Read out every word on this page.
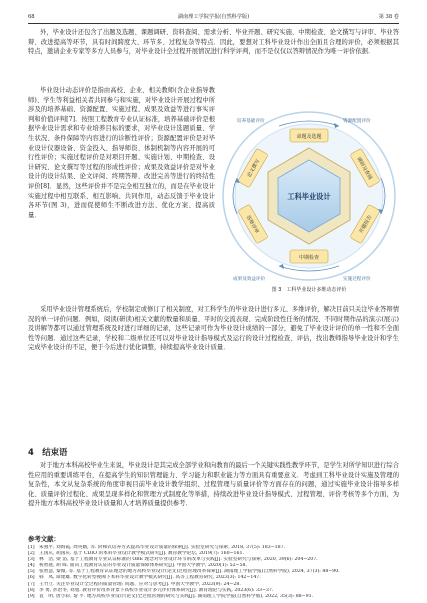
68	湖南理工学院学报(自然科学版)	第 38 卷

外，毕业设计还包含了出题及选题、课题调研、资料查阅、需求分析、毕业开题、研究实施、中期检查、论文撰写与评审、毕业答辩、改进提高等环节，具有时间跨度大、环节多、过程复杂等特点．因此，要想对工科毕业设计作出全面且合理的评价，必须根据其特点，邀请企业专家等多方人员参与，对毕业设计全过程开展情况进行科学评判，而不是仅仅以答辩情况作为唯一评价依据．

毕业设计动态评价是指由高校、企业、相关教师(含企业指导教师)、学生等利益相关者共同参与和实施，对毕业设计开展过程中所涉及的培养基础、资源配置、实施过程、成果及效益等进行事实评判和价值评判[7]．按照工程教育专业认证标准，培养基础评价是根据毕业设计需求和专业培养目标的要求，对毕业设计选题质量、学生状况、条件保障等内容进行的诊断性评价；资源配置评价是对毕业设计仪器设备、资金投入、指导师资、体制机制等内容开展的可行性评价；实施过程评价是对项目开题、实施计划、中期检查、设计研究、论文撰写等过程的形成性评价；成果及效益评价是对毕业设计的设计结果、论文评阅、终期答辩、改进完善等进行的终结性评价[8]．显然，这些评价并不是完全相互独立的，而是在毕业设计实施过程中相互联系、相互影响、共同作用，动态反馈于毕业设计各环节(图 3)，进而促使师生不断改进方法、优化方案、提高质量．

工科毕业设计
命题及选题
调研及查阅
开题报告
中期检查
答辩评审
论文撰写
培养基础评价	资源配置评价
实施过程评价
成果及效益评价
图 3　工科毕业设计多维动态评价

采用毕业设计管理系统后，学校制定或修订了相关制度，对工科学生的毕业设计进行多元、多维评价，解决目前只关注毕业答辩情况的单一评价问题．例如，阅读(研读)相关文献的数量和质量、平时的交流表现、完成阶段性任务的情况、不同时期作品的演示(展示)及讲解等都可以通过管理系统及时进行详细的记录，这些记录可作为毕业设计成绩的一部分，避免了毕业设计评价的单一性和不全面性等问题．通过这些记录，学校和二级单位还可以对毕业设计指导模式及运行的设计过程检查、评估，找出教师指导毕业设计和学生完成毕业设计的不足，便于今后进行优化调整，持续提高毕业设计质量．

4  结束语

对于地方本科高校毕业生来说，毕业设计是其完成全部学业和向教育的最后一个关键实践性教学环节，是学生对所学知识进行综合性应用的重要训练平台，在提高学生的知识管理能力、学习能力和职业能力等方面具有重要意义．考虑到工科毕业设计实施及管理的复杂性，本文从复杂系统的角度审视目前毕业设计教学组织、过程管理与质量评价等方面存在的问题，通过实施毕业设计指导多样化、质量评价过程化、成果呈现多样化和管理方式制度化等举措，持续改进毕业设计指导模式、过程管理、评价考核等多个方面，为提升地方本科高校毕业设计质量和人才培养质量提供参考．

参考文献：
[1] 朱燕平, 刘海霞, 周英娥, 等. 阶梯式培养方式提高毕业设计质量的探索[J]. 实验室研究与探索, 2018, 37(5): 183−187.
[2] 王国庆, 胡国庆. 基于 CDIO 的本科毕业设计教学模式研究[J]. 教育教学论坛, 2019(7): 160−161.
[3] 林　浩, 梁 滔, 基于工程教育专业认证标准的 OBE 理念对毕业设计环节的改革与实践[J]. 实验室研究与探索, 2020, 39(6): 204−207.
[4] 祝智庭, 胡 晖. 面向工程教育认证的毕业设计质量保障体系研究[J]. 中国大学教学, 2020(1): 52−58.
[5] 张智慧, 秦薇, 等. 基于工程教育认证理念的地方高校毕业设计(论文)过程管理改革探索[J]. 湖南理工学院学报(自然科学版), 2024, 37(3): 88−90.
[6] 韩　凤, 谭建雄. 数字化转型视阈下本科毕业设计教学模式研究[J]. 高等工程教育研究, 2023(3): 142−147.
[7] 王竹立. 关注毕业设计全过程的质量管理: 问题、应对与思考[J]. 中国大学教学, 2023(9): 24−28.
[8] 李 勇, 彭治冬, 刘旭. 教育评价改革背景下高校毕业设计多元评价体系研究[J]. 教育理论与实践, 2023(6): 33−37.
[9] 袁　明, 唐小彩, 黎 平. 地方高校毕业设计(论文)全过程管理的研究与实践[J]. 湖南理工学院学报(自然科学版), 2022, 35(3): 88−91.
